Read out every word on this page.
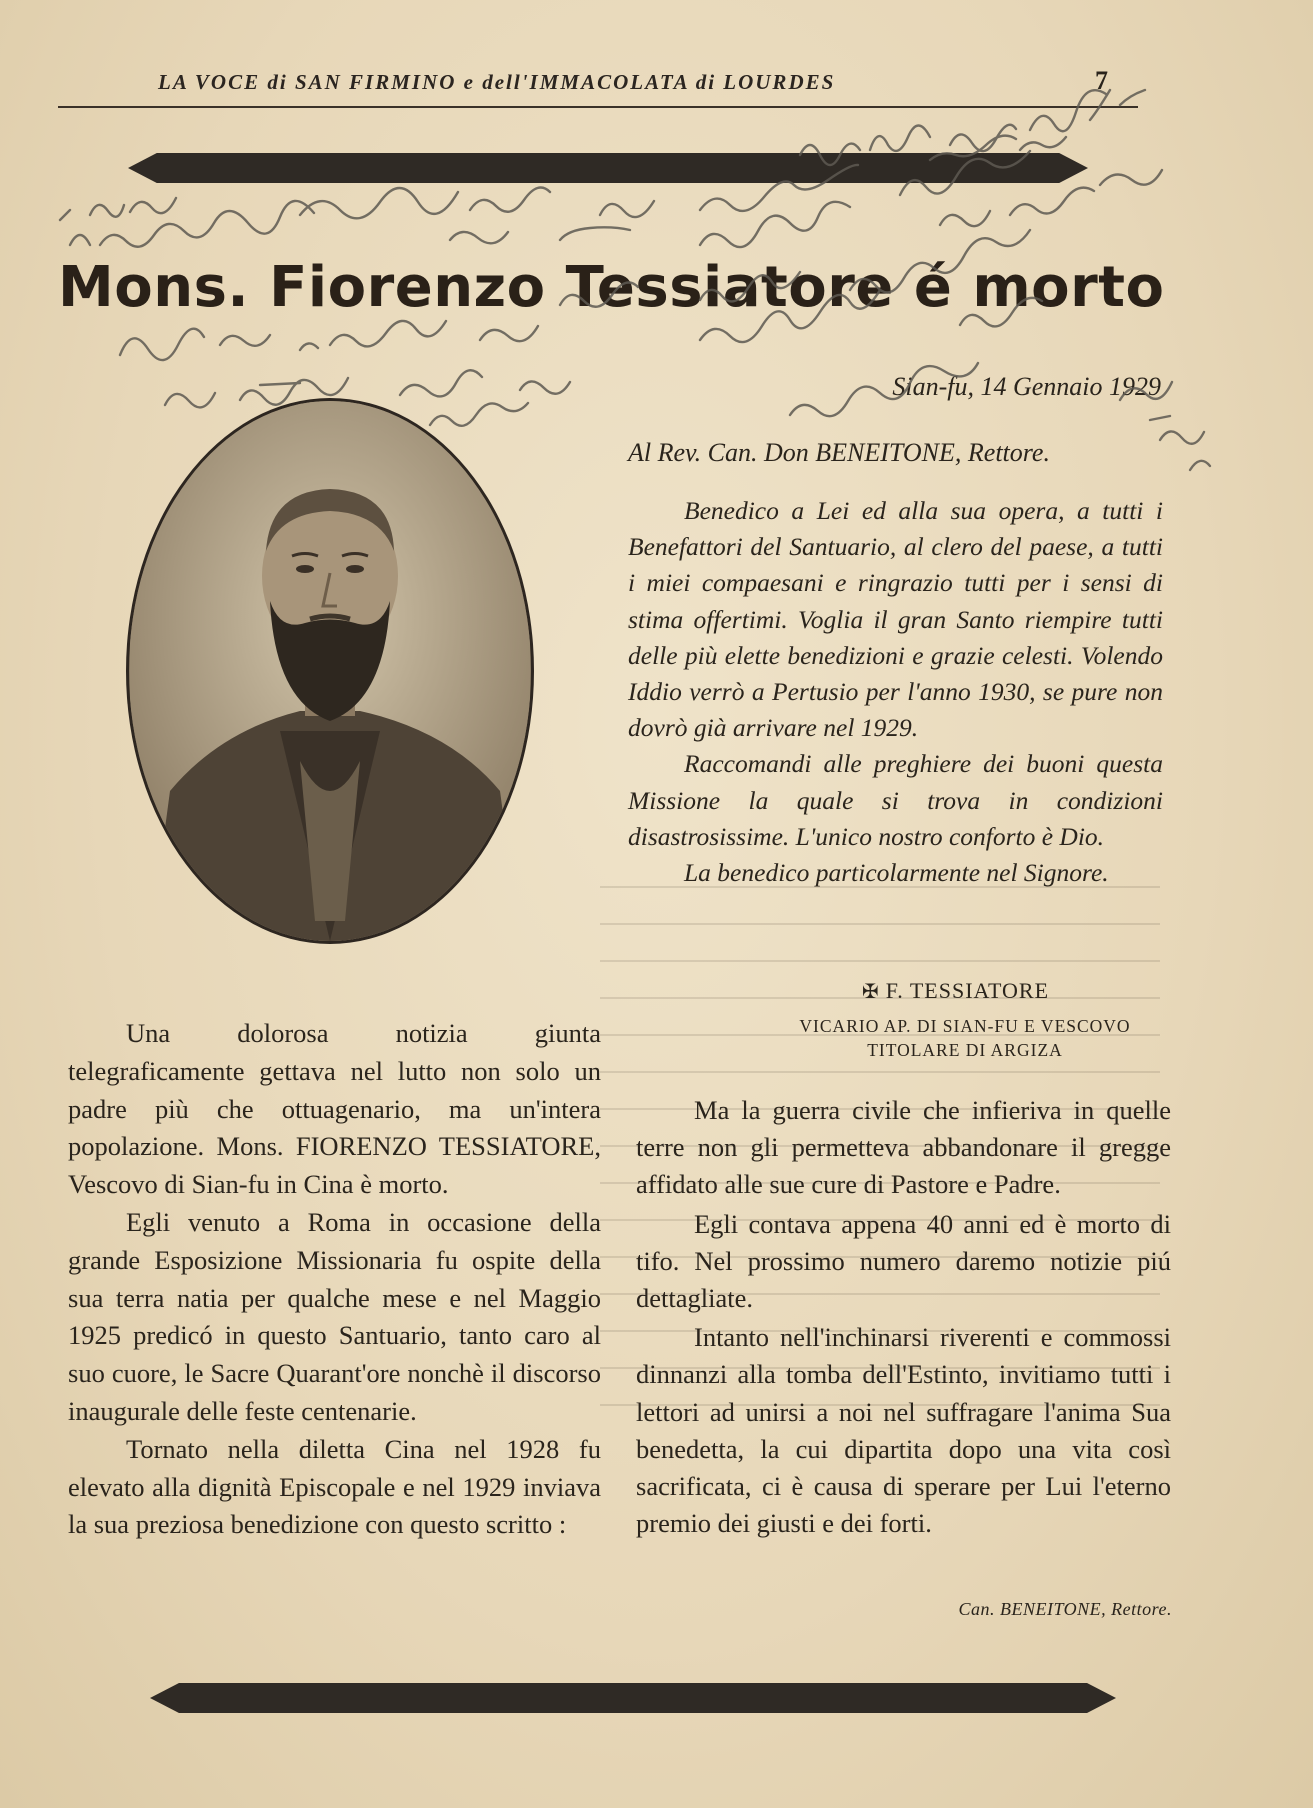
LA VOCE di SAN FIRMINO e dell'IMMACOLATA di LOURDES	7
Mons. Fiorenzo Tessiatore é morto

Una dolorosa notizia giunta telegraficamente gettava nel lutto non solo un padre più che ottuagenario, ma un'intera popolazione. Mons. FIORENZO TESSIATORE, Vescovo di Sian-fu in Cina è morto.

Egli venuto a Roma in occasione della grande Esposizione Missionaria fu ospite della sua terra natia per qualche mese e nel Maggio 1925 predicó in questo Santuario, tanto caro al suo cuore, le Sacre Quarant'ore nonchè il discorso inaugurale delle feste centenarie.

Tornato nella diletta Cina nel 1928 fu elevato alla dignità Episcopale e nel 1929 inviava la sua preziosa benedizione con questo scritto :

Sian-fu, 14 Gennaio 1929
Al Rev. Can. Don BENEITONE, Rettore.

Benedico a Lei ed alla sua opera, a tutti i Benefattori del Santuario, al clero del paese, a tutti i miei compaesani e ringrazio tutti per i sensi di stima offertimi. Voglia il gran Santo riempire tutti delle più elette benedizioni e grazie celesti. Volendo Iddio verrò a Pertusio per l'anno 1930, se pure non dovrò già arrivare nel 1929.

Raccomandi alle preghiere dei buoni questa Missione la quale si trova in condizioni disastrosissime. L'unico nostro conforto è Dio.

La benedico particolarmente nel Signore.

✠ F. TESSIATORE
VICARIO AP. DI SIAN-FU E VESCOVO TITOLARE DI ARGIZA

Ma la guerra civile che infieriva in quelle terre non gli permetteva abbandonare il gregge affidato alle sue cure di Pastore e Padre.

Egli contava appena 40 anni ed è morto di tifo. Nel prossimo numero daremo notizie piú dettagliate.

Intanto nell'inchinarsi riverenti e commossi dinnanzi alla tomba dell'Estinto, invitiamo tutti i lettori ad unirsi a noi nel suffragare l'anima Sua benedetta, la cui dipartita dopo una vita così sacrificata, ci è causa di sperare per Lui l'eterno premio dei giusti e dei forti.

Can. BENEITONE, Rettore.
